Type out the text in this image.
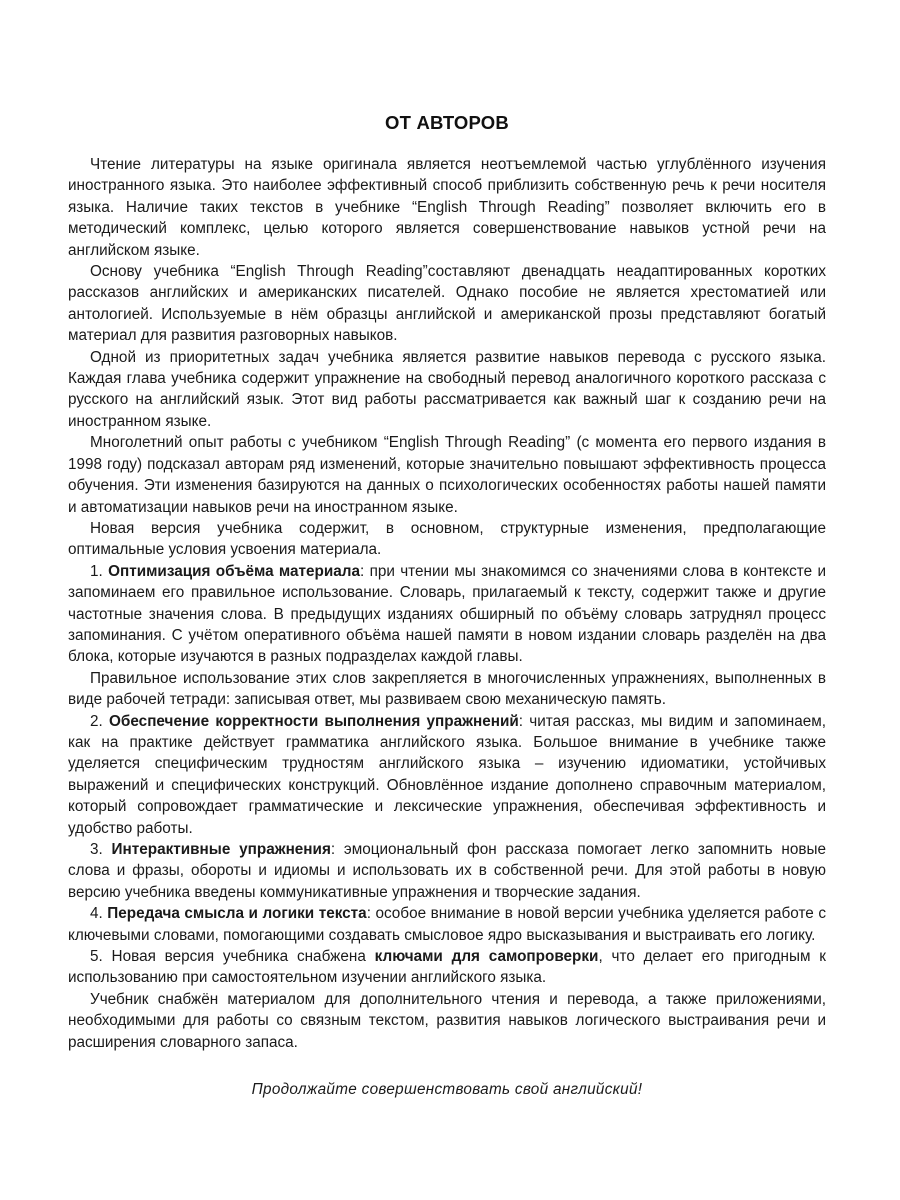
ОТ АВТОРОВ

Чтение литературы на языке оригинала является неотъемлемой частью углублённого изучения иностранного языка. Это наиболее эффективный способ приблизить собственную речь к речи носителя языка. Наличие таких текстов в учебнике “English Through Reading” позволяет включить его в методический комплекс, целью которого является совершенствование навыков устной речи на английском языке.

Основу учебника “English Through Reading”составляют двенадцать неадаптированных коротких рассказов английских и американских писателей. Однако пособие не является хрестоматией или антологией. Используемые в нём образцы английской и американской прозы представляют богатый материал для развития разговорных навыков.

Одной из приоритетных задач учебника является развитие навыков перевода с русского языка. Каждая глава учебника содержит упражнение на свободный перевод аналогичного короткого рассказа с русского на английский язык. Этот вид работы рассматривается как важный шаг к созданию речи на иностранном языке.

Многолетний опыт работы с учебником “English Through Reading” (с момента его первого издания в 1998 году) подсказал авторам ряд изменений, которые значительно повышают эффективность процесса обучения. Эти изменения базируются на данных о психологических особенностях работы нашей памяти и автоматизации навыков речи на иностранном языке.

Новая версия учебника содержит, в основном, структурные изменения, предполагающие оптимальные условия усвоения материала.

1. Оптимизация объёма материала: при чтении мы знакомимся со значениями слова в контексте и запоминаем его правильное использование. Словарь, прилагаемый к тексту, содержит также и другие частотные значения слова. В предыдущих изданиях обширный по объёму словарь затруднял процесс запоминания. С учётом оперативного объёма нашей памяти в новом издании словарь разделён на два блока, которые изучаются в разных подразделах каждой главы.

Правильное использование этих слов закрепляется в многочисленных упражнениях, выполненных в виде рабочей тетради: записывая ответ, мы развиваем свою механическую память.

2. Обеспечение корректности выполнения упражнений: читая рассказ, мы видим и запоминаем, как на практике действует грамматика английского языка. Большое внимание в учебнике также уделяется специфическим трудностям английского языка – изучению идиоматики, устойчивых выражений и специфических конструкций. Обновлённое издание дополнено справочным материалом, который сопровождает грамматические и лексические упражнения, обеспечивая эффективность и удобство работы.

3. Интерактивные упражнения: эмоциональный фон рассказа помогает легко запомнить новые слова и фразы, обороты и идиомы и использовать их в собственной речи. Для этой работы в новую версию учебника введены коммуникативные упражнения и творческие задания.

4. Передача смысла и логики текста: особое внимание в новой версии учебника уделяется работе с ключевыми словами, помогающими создавать смысловое ядро высказывания и выстраивать его логику.

5. Новая версия учебника снабжена ключами для самопроверки, что делает его пригодным к использованию при самостоятельном изучении английского языка.

Учебник снабжён материалом для дополнительного чтения и перевода, а также приложениями, необходимыми для работы со связным текстом, развития навыков логического выстраивания речи и расширения словарного запаса.

Продолжайте совершенствовать свой английский!
